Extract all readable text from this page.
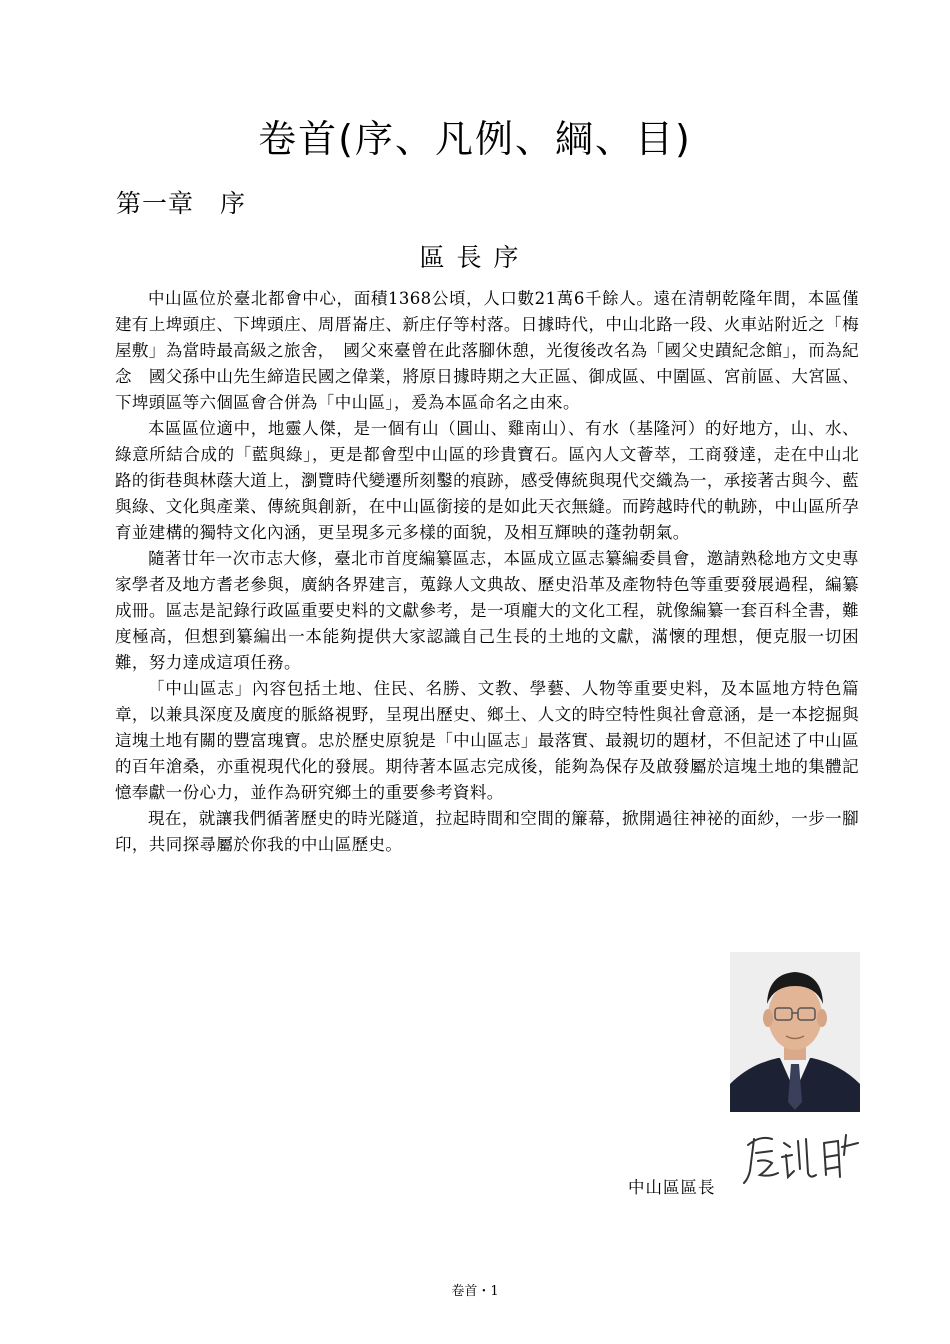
卷首(序、凡例、綱、目)
第一章　序
區長序

中山區位於臺北都會中心，面積1368公頃，人口數21萬6千餘人。遠在清朝乾隆年間，本區僅建有上埤頭庄、下埤頭庄、周厝崙庄、新庄仔等村落。日據時代，中山北路一段、火車站附近之「梅屋敷」為當時最高級之旅舍，　國父來臺曾在此落腳休憩，光復後改名為「國父史蹟紀念館」，而為紀念　國父孫中山先生締造民國之偉業，將原日據時期之大正區、御成區、中圍區、宮前區、大宮區、下埤頭區等六個區會合併為「中山區」，爰為本區命名之由來。

本區區位適中，地靈人傑，是一個有山（圓山、雞南山）、有水（基隆河）的好地方，山、水、綠意所結合成的「藍與綠」，更是都會型中山區的珍貴寶石。區內人文薈萃，工商發達，走在中山北路的街巷與林蔭大道上，瀏覽時代變遷所刻鑿的痕跡，感受傳統與現代交織為一，承接著古與今、藍與綠、文化與產業、傳統與創新，在中山區銜接的是如此天衣無縫。而跨越時代的軌跡，中山區所孕育並建構的獨特文化內涵，更呈現多元多樣的面貌，及相互輝映的蓬勃朝氣。

隨著廿年一次市志大修，臺北市首度編纂區志，本區成立區志纂編委員會，邀請熟稔地方文史專家學者及地方耆老參與，廣納各界建言，蒐錄人文典故、歷史沿革及產物特色等重要發展過程，編纂成冊。區志是記錄行政區重要史料的文獻參考，是一項龐大的文化工程，就像編纂一套百科全書，難度極高，但想到纂編出一本能夠提供大家認識自己生長的土地的文獻，滿懷的理想，便克服一切困難，努力達成這項任務。

「中山區志」內容包括土地、住民、名勝、文教、學藝、人物等重要史料，及本區地方特色篇章，以兼具深度及廣度的脈絡視野，呈現出歷史、鄉土、人文的時空特性與社會意涵，是一本挖掘與這塊土地有關的豐富瑰寶。忠於歷史原貌是「中山區志」最落實、最親切的題材，不但記述了中山區的百年滄桑，亦重視現代化的發展。期待著本區志完成後，能夠為保存及啟發屬於這塊土地的集體記憶奉獻一份心力，並作為研究鄉土的重要參考資料。

現在，就讓我們循著歷史的時光隧道，拉起時間和空間的簾幕，掀開過往神祕的面紗，一步一腳印，共同探尋屬於你我的中山區歷史。

中山區區長
卷首・1
